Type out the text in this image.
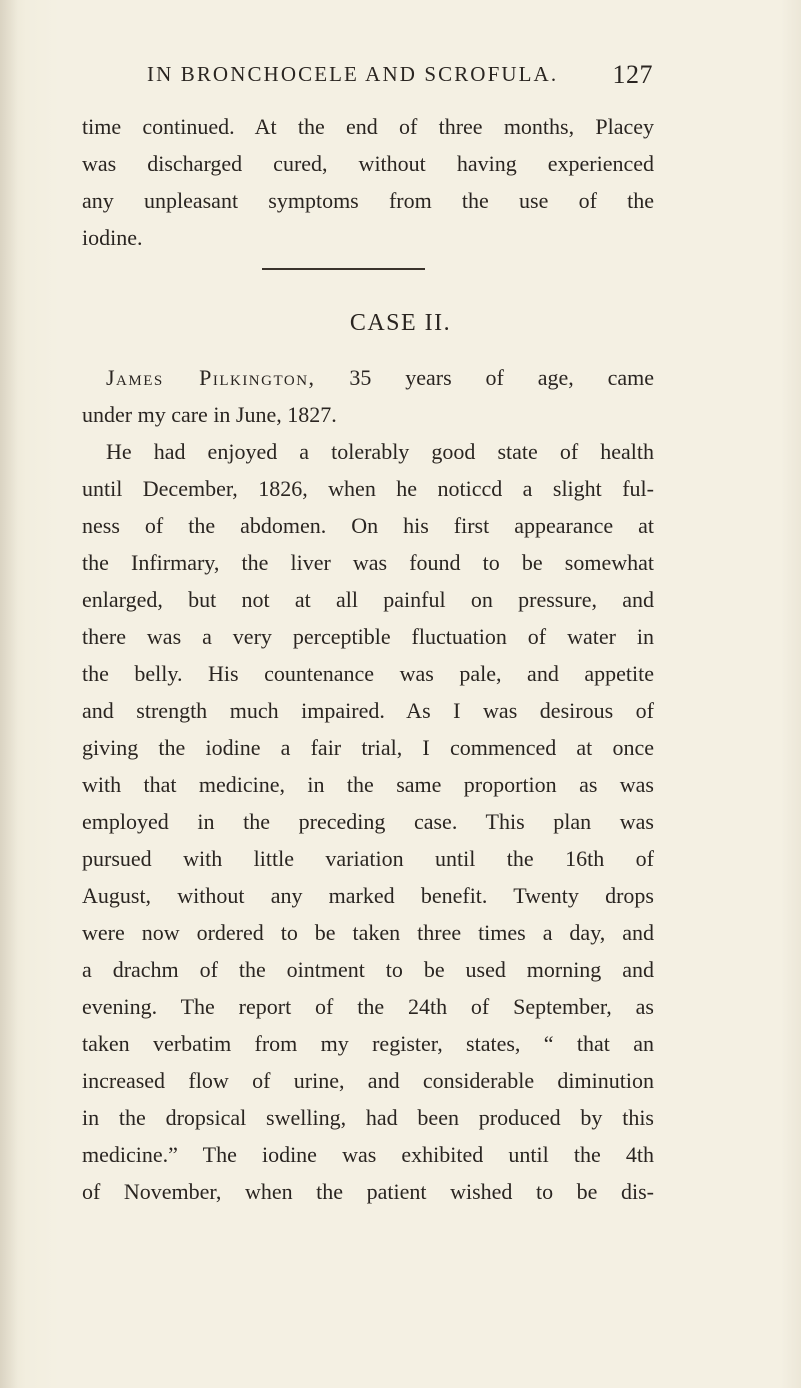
IN BRONCHOCELE AND SCROFULA. 127
time continued. At the end of three months, Placey
was discharged cured, without having experienced
any unpleasant symptoms from the use of the
iodine.
CASE II.
James Pilkington, 35 years of age, came
under my care in June, 1827.
He had enjoyed a tolerably good state of health
until December, 1826, when he noticcd a slight ful-
ness of the abdomen. On his first appearance at
the Infirmary, the liver was found to be somewhat
enlarged, but not at all painful on pressure, and
there was a very perceptible fluctuation of water in
the belly. His countenance was pale, and appetite
and strength much impaired. As I was desirous of
giving the iodine a fair trial, I commenced at once
with that medicine, in the same proportion as was
employed in the preceding case. This plan was
pursued with little variation until the 16th of
August, without any marked benefit. Twenty drops
were now ordered to be taken three times a day, and
a drachm of the ointment to be used morning and
evening. The report of the 24th of September, as
taken verbatim from my register, states, “ that an
increased flow of urine, and considerable diminution
in the dropsical swelling, had been produced by this
medicine.” The iodine was exhibited until the 4th
of November, when the patient wished to be dis-
